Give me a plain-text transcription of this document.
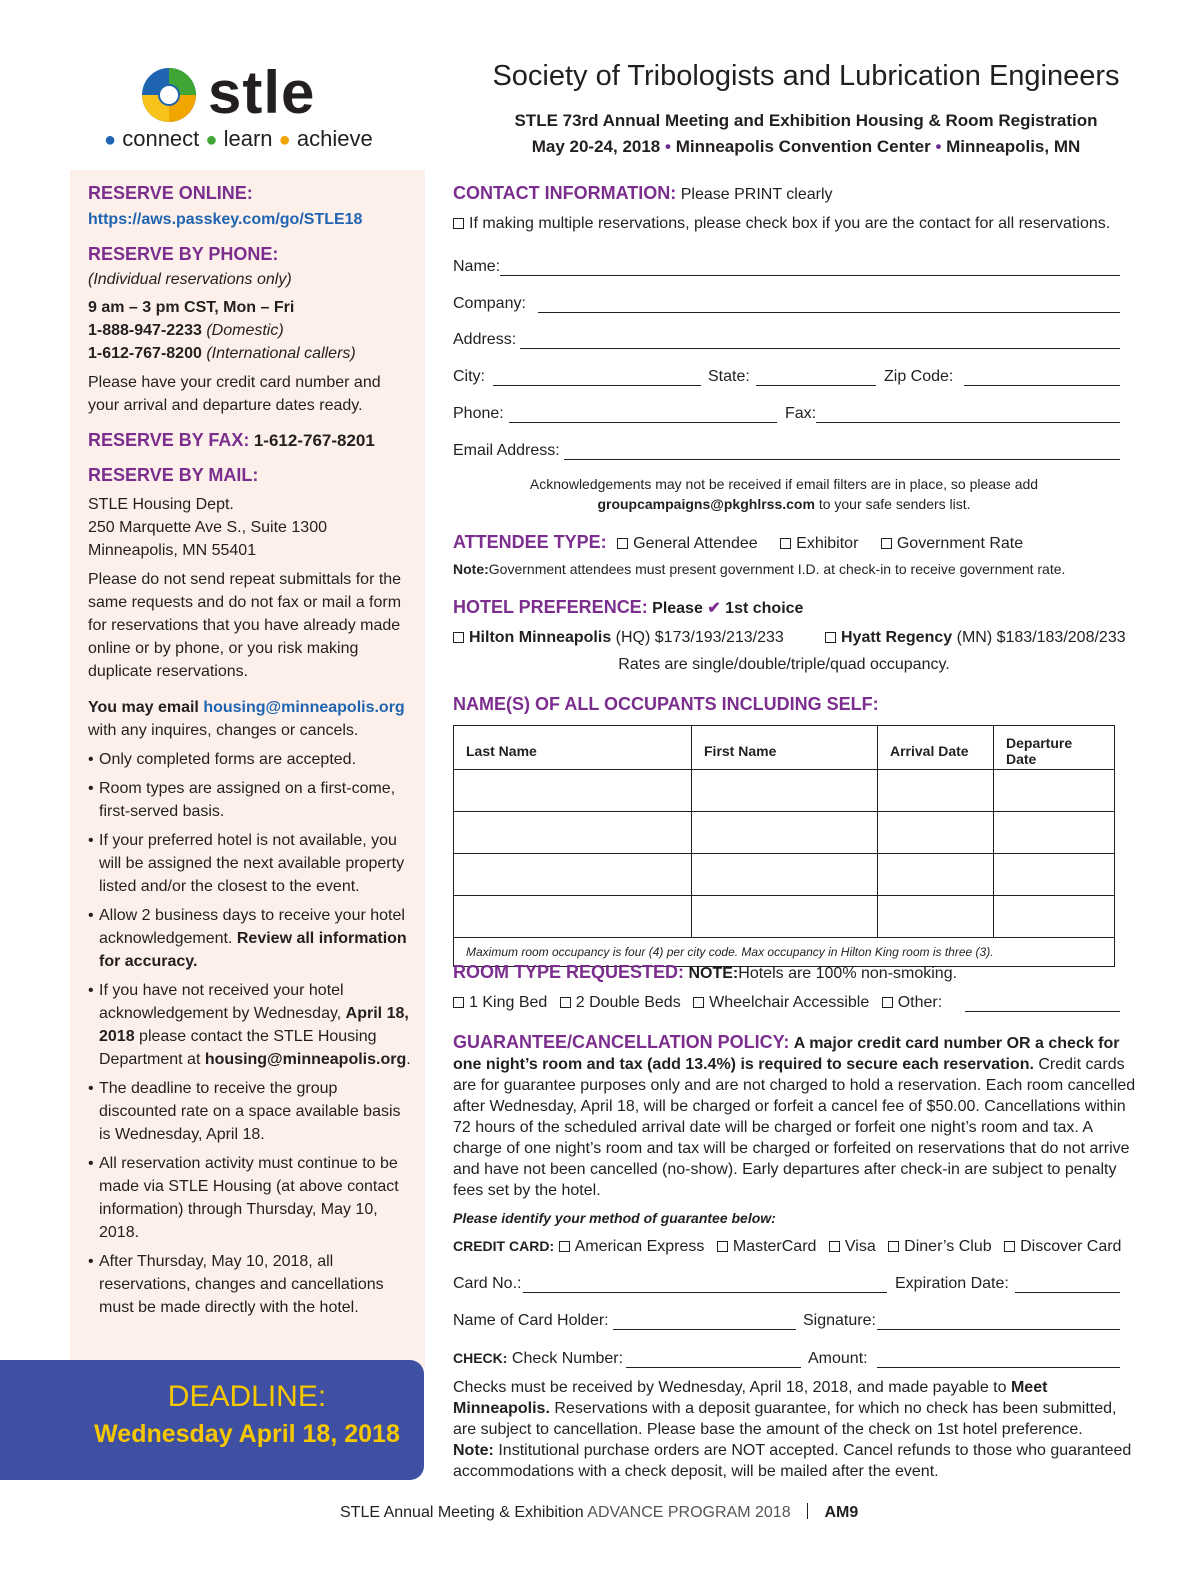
stle
● connect ● learn ● achieve
Society of Tribologists and Lubrication Engineers
STLE 73rd Annual Meeting and Exhibition Housing & Room Registration
May 20-24, 2018 • Minneapolis Convention Center • Minneapolis, MN
RESERVE ONLINE:
https://aws.passkey.com/go/STLE18
RESERVE BY PHONE:
(Individual reservations only)
9 am – 3 pm CST, Mon – Fri
1-888-947-2233 (Domestic)
1-612-767-8200 (International callers)
Please have your credit card number and your arrival and departure dates ready.
RESERVE BY FAX: 1-612-767-8201
RESERVE BY MAIL:
STLE Housing Dept.
250 Marquette Ave S., Suite 1300
Minneapolis, MN 55401
Please do not send repeat submittals for the same requests and do not fax or mail a form for reservations that you have already made online or by phone, or you risk making duplicate reservations.
You may email housing@minneapolis.org with any inquires, changes or cancels.
• Only completed forms are accepted.
• Room types are assigned on a first-come, first-served basis.
• If your preferred hotel is not available, you will be assigned the next available property listed and/or the closest to the event.
• Allow 2 business days to receive your hotel acknowledgement. Review all information for accuracy.
• If you have not received your hotel acknowledgement by Wednesday, April 18, 2018 please contact the STLE Housing Department at housing@minneapolis.org.
• The deadline to receive the group discounted rate on a space available basis is Wednesday, April 18.
• All reservation activity must continue to be made via STLE Housing (at above contact information) through Thursday, May 10, 2018.
• After Thursday, May 10, 2018, all reservations, changes and cancellations must be made directly with the hotel.
DEADLINE:
Wednesday April 18, 2018
CONTACT INFORMATION: Please PRINT clearly
If making multiple reservations, please check box if you are the contact for all reservations.
Name:
Company:
Address:
City:	State:	Zip Code:
Phone:	Fax:
Email Address:
Acknowledgements may not be received if email filters are in place, so please add
groupcampaigns@pkghlrss.com to your safe senders list.
ATTENDEE TYPE: General Attendee Exhibitor Government Rate
Note:Government attendees must present government I.D. at check-in to receive government rate.
HOTEL PREFERENCE: Please ✔ 1st choice
Hilton Minneapolis (HQ) $173/193/213/233	Hyatt Regency (MN) $183/183/208/233
Rates are single/double/triple/quad occupancy.
NAME(S) OF ALL OCCUPANTS INCLUDING SELF:
Last Name	First Name	Arrival Date	Departure Date

Maximum room occupancy is four (4) per city code. Max occupancy in Hilton King room is three (3).			
ROOM TYPE REQUESTED: NOTE:Hotels are 100% non-smoking.
1 King Bed 2 Double Beds Wheelchair Accessible Other:
GUARANTEE/CANCELLATION POLICY: A major credit card number OR a check for one night’s room and tax (add 13.4%) is required to secure each reservation. Credit cards are for guarantee purposes only and are not charged to hold a reservation. Each room cancelled after Wednesday, April 18, will be charged or forfeit a cancel fee of $50.00. Cancellations within 72 hours of the scheduled arrival date will be charged or forfeit one night’s room and tax. A charge of one night’s room and tax will be charged or forfeited on reservations that do not arrive and have not been cancelled (no-show). Early departures after check-in are subject to penalty fees set by the hotel.
Please identify your method of guarantee below:
CREDIT CARD: American Express MasterCard Visa Diner’s Club Discover Card
Card No.:	Expiration Date:
Name of Card Holder:	Signature:
CHECK: Check Number:	Amount:
Checks must be received by Wednesday, April 18, 2018, and made payable to Meet Minneapolis. Reservations with a deposit guarantee, for which no check has been submitted, are subject to cancellation. Please base the amount of the check on 1st hotel preference.
Note: Institutional purchase orders are NOT accepted. Cancel refunds to those who guaranteed accommodations with a check deposit, will be mailed after the event.
STLE Annual Meeting & Exhibition ADVANCE PROGRAM 2018 AM9
